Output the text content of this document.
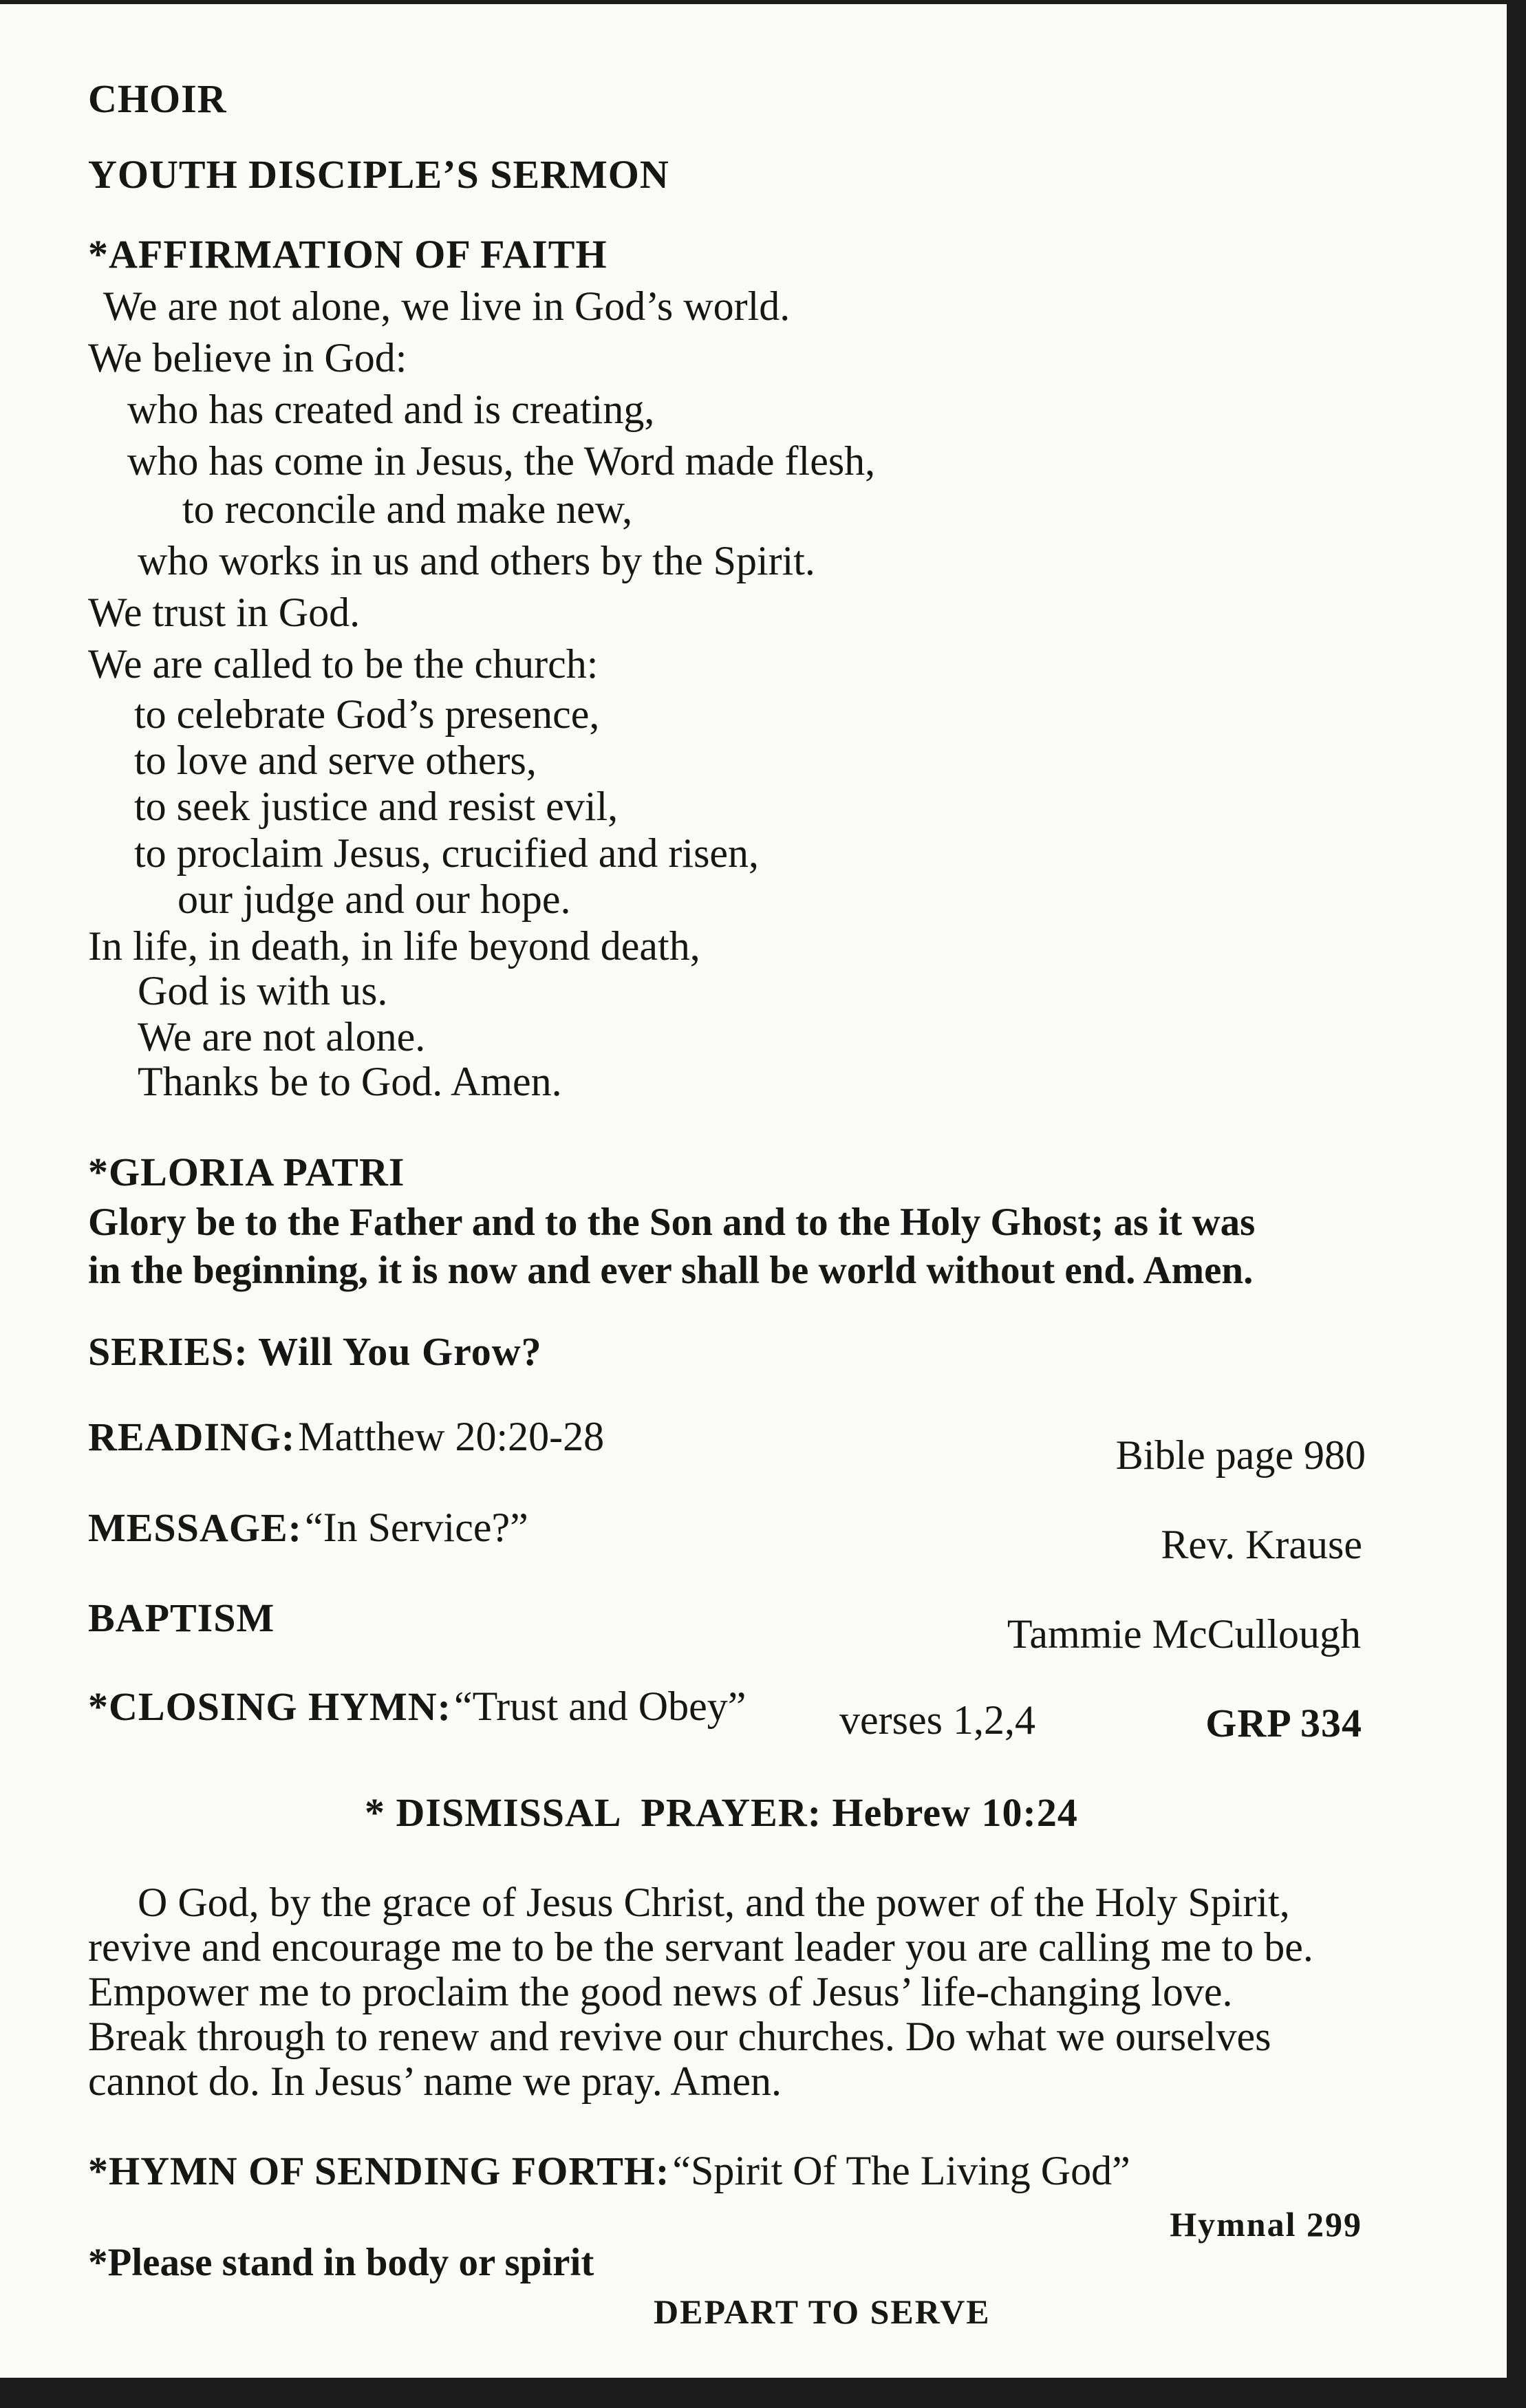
CHOIR
YOUTH DISCIPLE’S SERMON
*AFFIRMATION OF FAITH
We are not alone, we live in God’s world.
We believe in God:
who has created and is creating,
who has come in Jesus, the Word made flesh,
to reconcile and make new,
who works in us and others by the Spirit.
We trust in God.
We are called to be the church:
to celebrate God’s presence,
to love and serve others,
to seek justice and resist evil,
to proclaim Jesus, crucified and risen,
our judge and our hope.
In life, in death, in life beyond death,
God is with us.
We are not alone.
Thanks be to God. Amen.
*GLORIA PATRI
Glory be to the Father and to the Son and to the Holy Ghost; as it was
in the beginning, it is now and ever shall be world without end. Amen.
SERIES: Will You Grow?
READING: Matthew 20:20-28	Bible page 980
MESSAGE: “In Service?”	Rev. Krause
BAPTISM	Tammie McCullough
*CLOSING HYMN: “Trust and Obey” verses 1,2,4	GRP 334
* DISMISSAL  PRAYER: Hebrew 10:24
O God, by the grace of Jesus Christ, and the power of the Holy Spirit,
revive and encourage me to be the servant leader you are calling me to be.
Empower me to proclaim the good news of Jesus’ life-changing love.
Break through to renew and revive our churches. Do what we ourselves
cannot do. In Jesus’ name we pray. Amen.
*HYMN OF SENDING FORTH: “Spirit Of The Living God”
Hymnal 299
*Please stand in body or spirit
DEPART TO SERVE
